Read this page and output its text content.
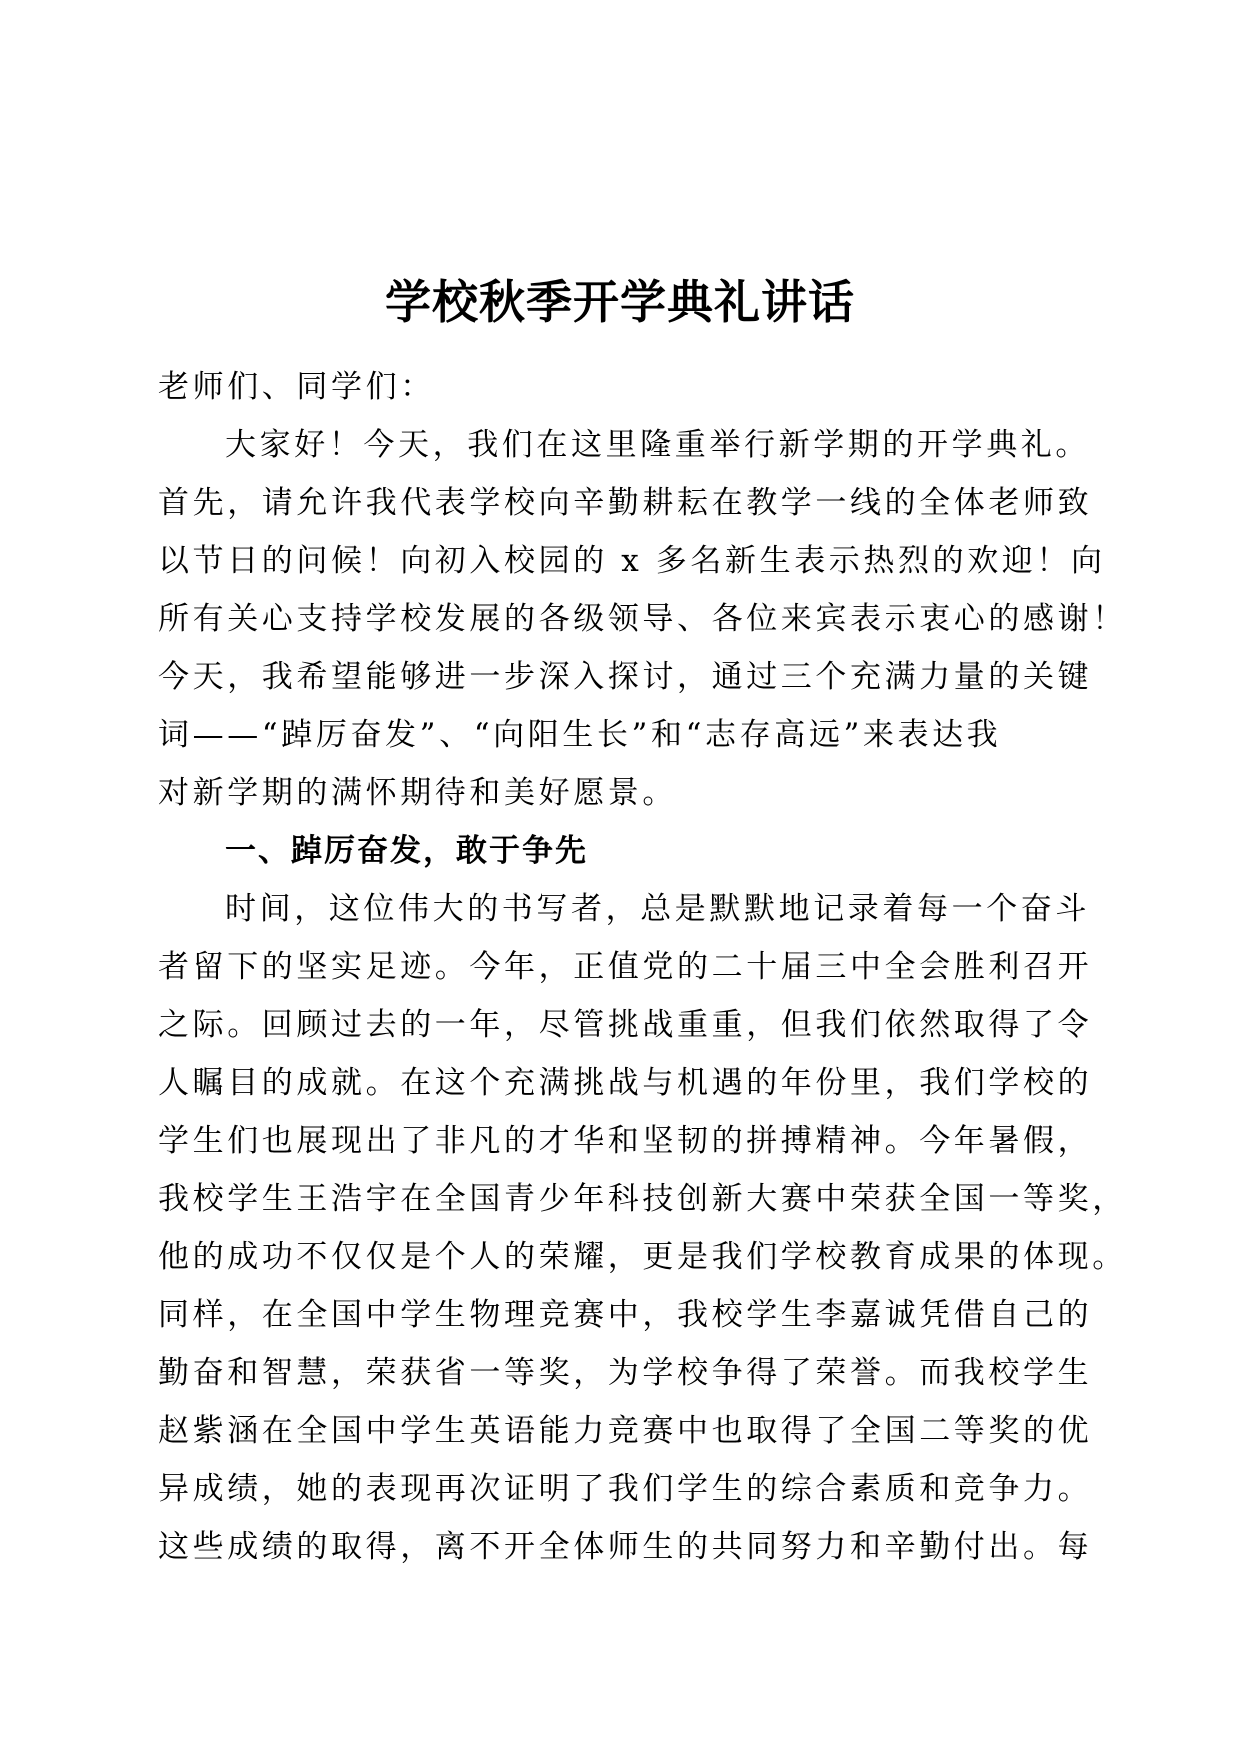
学校秋季开学典礼讲话
老师们、同学们：
大家好！今天，我们在这里隆重举行新学期的开学典礼。
首先，请允许我代表学校向辛勤耕耘在教学一线的全体老师致
以节日的问候！向初入校园的 x 多名新生表示热烈的欢迎！向
所有关心支持学校发展的各级领导、各位来宾表示衷心的感谢！
今天，我希望能够进一步深入探讨，通过三个充满力量的关键
词——“踔厉奋发”、“向阳生长”和“志存高远”来表达我
对新学期的满怀期待和美好愿景。
一、踔厉奋发，敢于争先
时间，这位伟大的书写者，总是默默地记录着每一个奋斗
者留下的坚实足迹。今年，正值党的二十届三中全会胜利召开
之际。回顾过去的一年，尽管挑战重重，但我们依然取得了令
人瞩目的成就。在这个充满挑战与机遇的年份里，我们学校的
学生们也展现出了非凡的才华和坚韧的拼搏精神。今年暑假，
我校学生王浩宇在全国青少年科技创新大赛中荣获全国一等奖，
他的成功不仅仅是个人的荣耀，更是我们学校教育成果的体现。
同样，在全国中学生物理竞赛中，我校学生李嘉诚凭借自己的
勤奋和智慧，荣获省一等奖，为学校争得了荣誉。而我校学生
赵紫涵在全国中学生英语能力竞赛中也取得了全国二等奖的优
异成绩，她的表现再次证明了我们学生的综合素质和竞争力。
这些成绩的取得，离不开全体师生的共同努力和辛勤付出。每
